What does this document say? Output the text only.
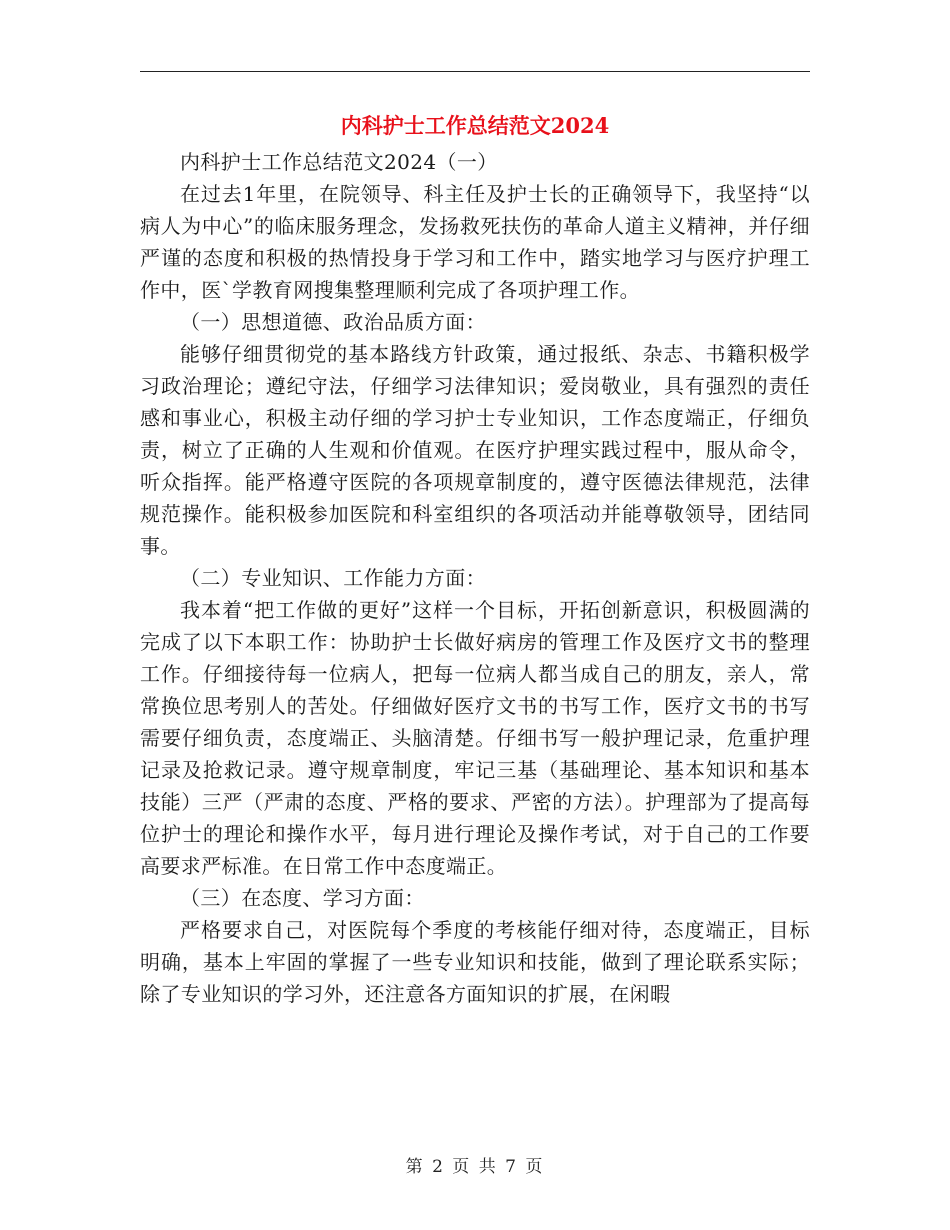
内科护士工作总结范文2024

内科护士工作总结范文2024（一）

在过去1年里，在院领导、科主任及护士长的正确领导下，我坚持“以病人为中心”的临床服务理念，发扬救死扶伤的革命人道主义精神，并仔细严谨的态度和积极的热情投身于学习和工作中，踏实地学习与医疗护理工作中，医`学教育网搜集整理顺利完成了各项护理工作。

（一）思想道德、政治品质方面：

能够仔细贯彻党的基本路线方针政策，通过报纸、杂志、书籍积极学习政治理论；遵纪守法，仔细学习法律知识；爱岗敬业，具有强烈的责任感和事业心，积极主动仔细的学习护士专业知识，工作态度端正，仔细负责，树立了正确的人生观和价值观。在医疗护理实践过程中，服从命令，听众指挥。能严格遵守医院的各项规章制度的，遵守医德法律规范，法律规范操作。能积极参加医院和科室组织的各项活动并能尊敬领导，团结同事。

（二）专业知识、工作能力方面：

我本着“把工作做的更好”这样一个目标，开拓创新意识，积极圆满的完成了以下本职工作：协助护士长做好病房的管理工作及医疗文书的整理工作。仔细接待每一位病人，把每一位病人都当成自己的朋友，亲人，常常换位思考别人的苦处。仔细做好医疗文书的书写工作，医疗文书的书写需要仔细负责，态度端正、头脑清楚。仔细书写一般护理记录，危重护理记录及抢救记录。遵守规章制度，牢记三基（基础理论、基本知识和基本技能）三严（严肃的态度、严格的要求、严密的方法）。护理部为了提高每位护士的理论和操作水平，每月进行理论及操作考试，对于自己的工作要高要求严标准。在日常工作中态度端正。

（三）在态度、学习方面：

严格要求自己，对医院每个季度的考核能仔细对待，态度端正，目标明确，基本上牢固的掌握了一些专业知识和技能，做到了理论联系实际；除了专业知识的学习外，还注意各方面知识的扩展，在闲暇

第 2 页 共 7 页
